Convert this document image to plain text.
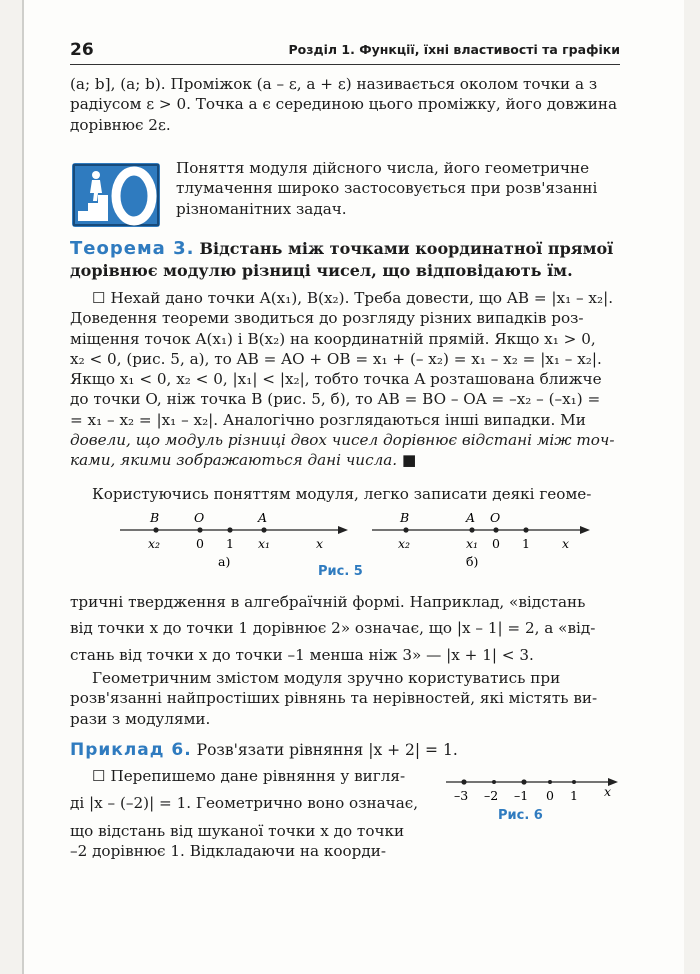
26	Розділ 1. Функції, їхні властивості та графіки
(a; b], (a; b). Проміжок (a – ε, a + ε) називається околом точки a з
радіусом ε > 0. Точка a є серединою цього проміжку, його довжина
дорівнює 2ε.
Поняття модуля дійсного числа, його геометричне
тлумачення широко застосовується при розв'язанні
різноманітних задач.
Теорема 3. Відстань між точками координатної прямої
дорівнює модулю різниці чисел, що відповідають їм.
☐ Нехай дано точки A(x₁), B(x₂). Треба довести, що AB = |x₁ – x₂|.
Доведення теореми зводиться до розгляду різних випадків роз-
міщення точок A(x₁) і B(x₂) на координатній прямій. Якщо x₁ > 0,
x₂ < 0, (рис. 5, а), то AB = AO + OB = x₁ + (– x₂) = x₁ – x₂ = |x₁ – x₂|.
Якщо x₁ < 0, x₂ < 0, |x₁| < |x₂|, тобто точка A розташована ближче
до точки O, ніж точка B (рис. 5, б), то AB = BO – OA = –x₂ – (–x₁) =
= x₁ – x₂ = |x₁ – x₂|. Аналогічно розглядаються інші випадки. Ми
довели, що модуль різниці двох чисел дорівнює відстані між точ-
ками, якими зображаються дані числа. ■
Користуючись поняттям модуля, легко записати деякі геоме-
B	O	A
x₂	0 1 x₁	x
а)
B	A O
x₂	x₁ 0 1	x
б)
Рис. 5
тричні твердження в алгебраїчній формі. Наприклад, «відстань
від точки x до точки 1 дорівнює 2» означає, що |x – 1| = 2, а «від-
стань від точки x до точки –1 менша ніж 3» — |x + 1| < 3.
Геометричним змістом модуля зручно користуватись при
розв'язанні найпростіших рівнянь та нерівностей, які містять ви-
рази з модулями.
Приклад 6. Розв'язати рівняння |x + 2| = 1.
☐ Перепишемо дане рівняння у вигля-
ді |x – (–2)| = 1. Геометрично воно означає,
що відстань від шуканої точки x до точки
–2 дорівнює 1. Відкладаючи на коорди-
–3 –2 –1 0 1 x
Рис. 6
